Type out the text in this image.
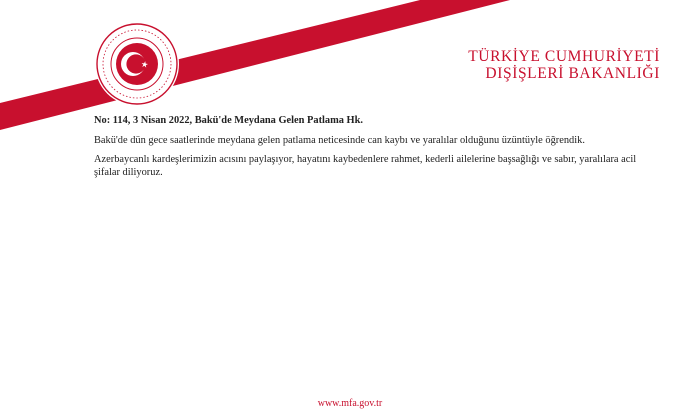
TÜRKİYE CUMHURİYETİ
DIŞİŞLERİ BAKANLIĞI
No: 114, 3 Nisan 2022, Bakü'de Meydana Gelen Patlama Hk.

Bakü'de dün gece saatlerinde meydana gelen patlama neticesinde can kaybı ve yaralılar olduğunu üzüntüyle öğrendik.

Azerbaycanlı kardeşlerimizin acısını paylaşıyor, hayatını kaybedenlere rahmet, kederli ailelerine başsağlığı ve sabır, yaralılara acil şifalar diliyoruz.

www.mfa.gov.tr
